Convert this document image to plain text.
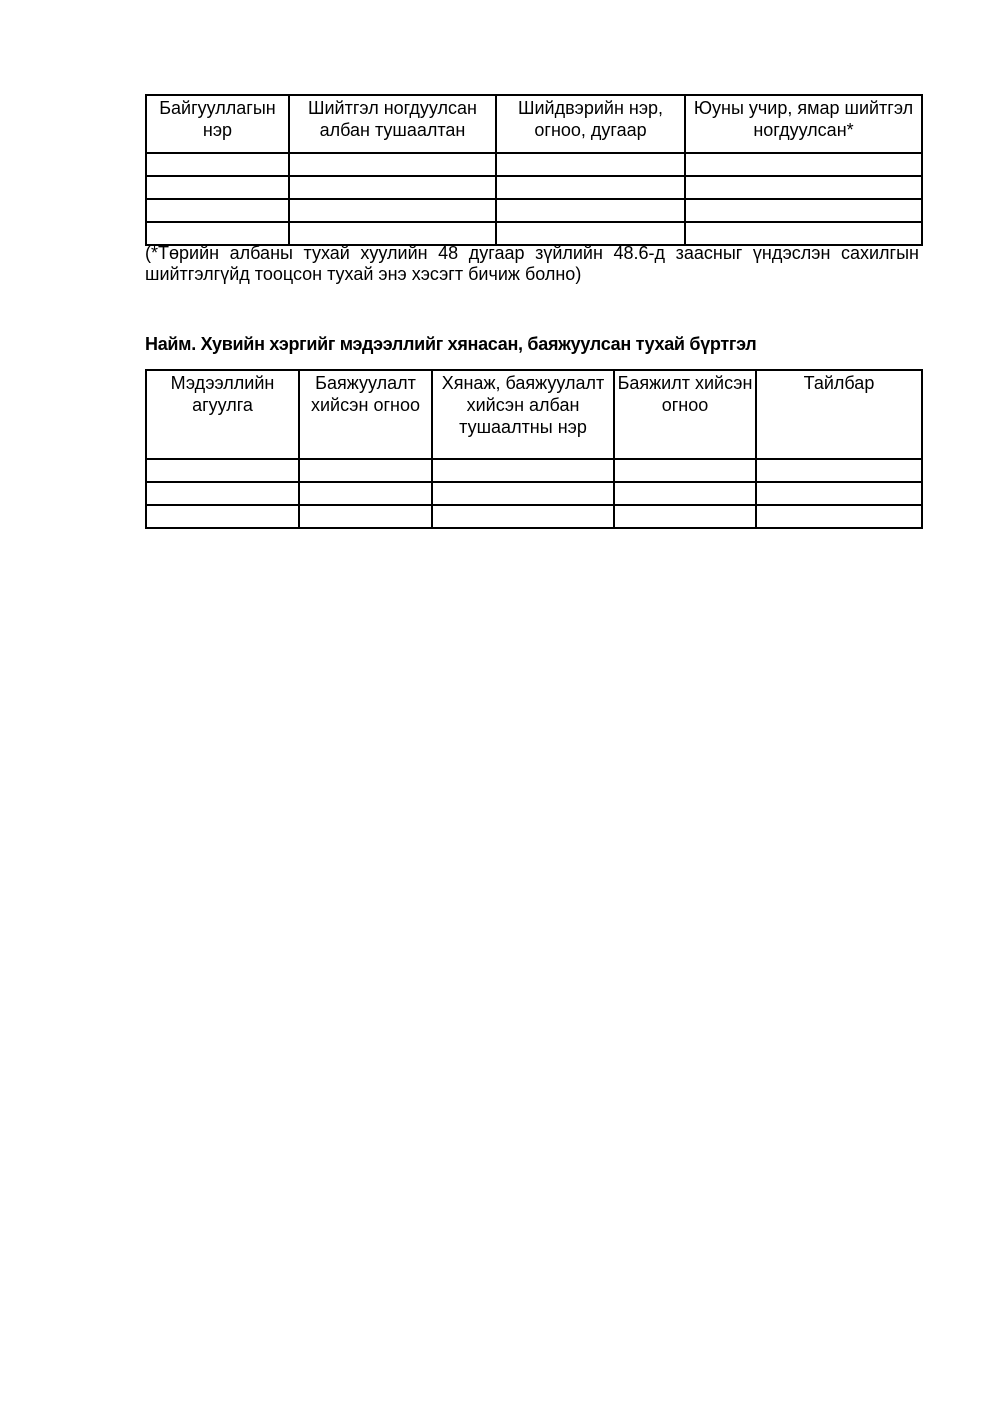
Байгууллагын нэр	Шийтгэл ногдуулсан албан тушаалтан	Шийдвэрийн нэр, огноо, дугаар	Юуны учир, ямар шийтгэл ногдуулсан*

(*Төрийн албаны тухай хуулийн 48 дугаар зүйлийн 48.6-д заасныг үндэслэн сахилгын шийтгэлгүйд тооцсон тухай энэ хэсэгт бичиж болно)
Найм. Хувийн хэргийг мэдээллийг хянасан, баяжуулсан тухай бүртгэл
Мэдээллийн агуулга	Баяжуулалт хийсэн огноо	Хянаж, баяжуулалт хийсэн албан тушаалтны нэр	Баяжилт хийсэн огноо	Тайлбар
